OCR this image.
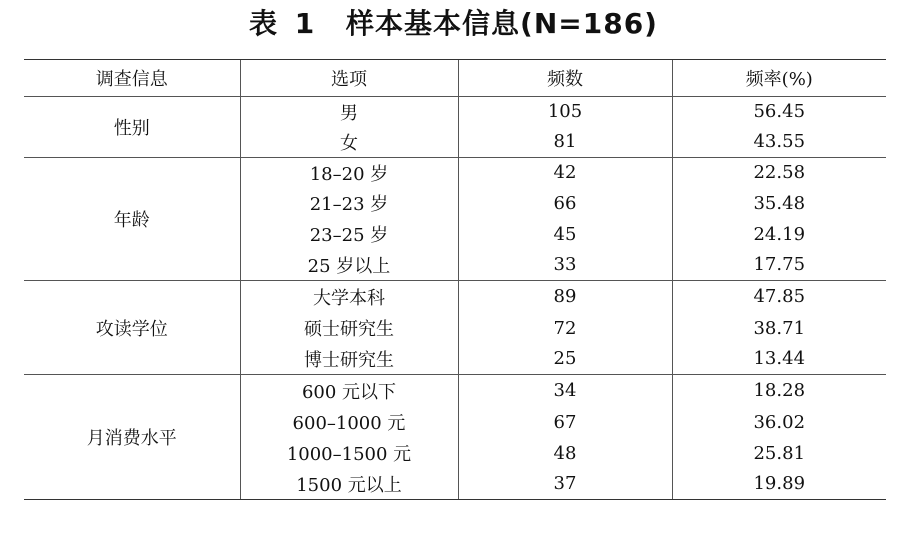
表 1 样本基本信息(N=186)
调查信息	选项	频数	频率(%)
性别	男	105	56.45
	女	81	43.55
年龄	18–20 岁	42	22.58
	21–23 岁	66	35.48
	23–25 岁	45	24.19
	25 岁以上	33	17.75
攻读学位	大学本科	89	47.85
	硕士研究生	72	38.71
	博士研究生	25	13.44
月消费水平	600 元以下	34	18.28
	600–1000 元	67	36.02
	1000–1500 元	48	25.81
	1500 元以上	37	19.89
